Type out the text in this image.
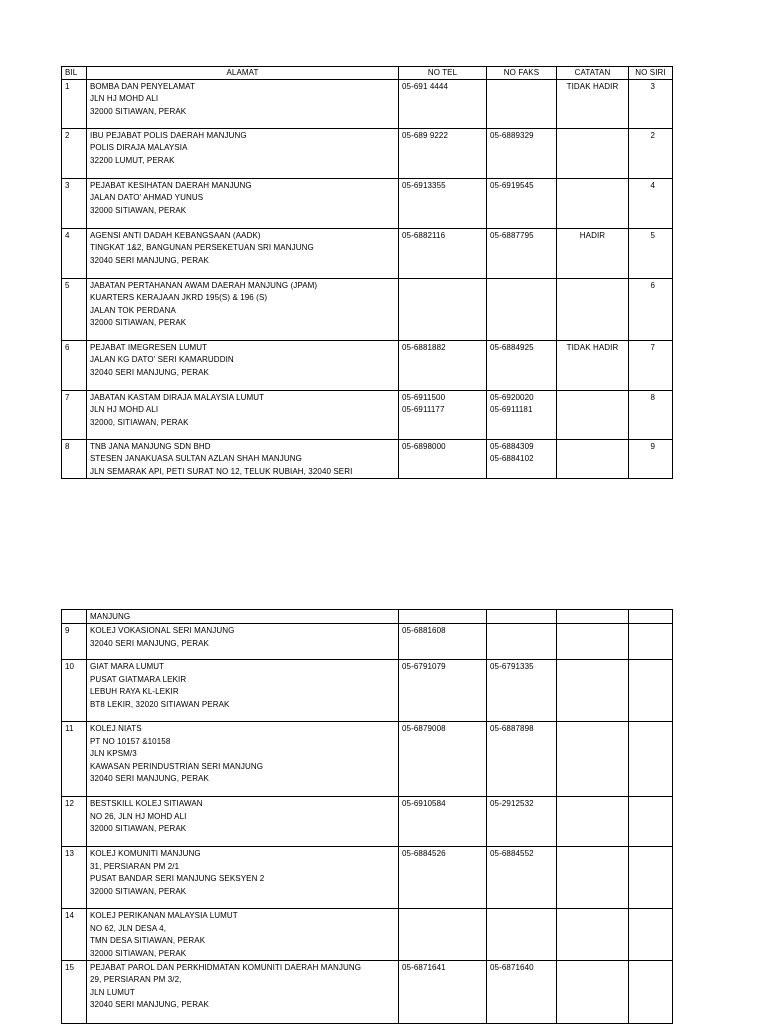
BIL	ALAMAT	NO TEL	NO FAKS	CATATAN	NO SIRI
1	BOMBA DAN PENYELAMAT
JLN HJ MOHD ALI
32000 SITIAWAN, PERAK	05-691 4444		TIDAK HADIR	3
2	IBU PEJABAT POLIS DAERAH MANJUNG
POLIS DIRAJA MALAYSIA
32200 LUMUT, PERAK	05-689 9222	05-6889329		2
3	PEJABAT KESIHATAN DAERAH MANJUNG
JALAN DATO’ AHMAD YUNUS
32000 SITIAWAN, PERAK	05-6913355	05-6919545		4
4	AGENSI ANTI DADAH KEBANGSAAN (AADK)
TINGKAT 1&2, BANGUNAN PERSEKETUAN SRI MANJUNG
32040 SERI MANJUNG, PERAK	05-6882116	05-6887795	HADIR	5
5	JABATAN PERTAHANAN AWAM DAERAH MANJUNG (JPAM)
KUARTERS KERAJAAN JKRD 195(S) & 196 (S)
JALAN TOK PERDANA
32000 SITIAWAN, PERAK				6
6	PEJABAT IMEGRESEN LUMUT
JALAN KG DATO’ SERI KAMARUDDIN
32040 SERI MANJUNG, PERAK	05-6881882	05-6884925	TIDAK HADIR	7
7	JABATAN KASTAM DIRAJA MALAYSIA LUMUT
JLN HJ MOHD ALI
32000, SITIAWAN, PERAK	05-6911500
05-6911177	05-6920020
05-6911181		8
8	TNB JANA MANJUNG SDN BHD
STESEN JANAKUASA SULTAN AZLAN SHAH MANJUNG
JLN SEMARAK API, PETI SURAT NO 12, TELUK RUBIAH, 32040 SERI	05-6898000	05-6884309
05-6884102		9

	MANJUNG				

9	KOLEJ VOKASIONAL SERI MANJUNG
32040 SERI MANJUNG, PERAK	05-6881608			

10	GIAT MARA LUMUT
PUSAT GIATMARA LEKIR
LEBUH RAYA KL-LEKIR
BT8 LEKIR, 32020 SITIAWAN PERAK	05-6791079	05-6791335		

11	KOLEJ NIATS
PT NO 10157 &10158
JLN KPSM/3
KAWASAN PERINDUSTRIAN SERI MANJUNG
32040 SERI MANJUNG, PERAK	05-6879008	05-6887898		

12	BESTSKILL KOLEJ SITIAWAN
NO 26, JLN HJ MOHD ALI
32000 SITIAWAN, PERAK	05-6910584	05-2912532		

13	KOLEJ KOMUNITI MANJUNG
31, PERSIARAN PM 2/1
PUSAT BANDAR SERI MANJUNG SEKSYEN 2
32000 SITIAWAN, PERAK	05-6884526	05-6884552		

14	KOLEJ PERIKANAN MALAYSIA LUMUT
NO 62, JLN DESA 4,
TMN DESA SITIAWAN, PERAK
32000 SITIAWAN, PERAK				

15	PEJABAT PAROL DAN PERKHIDMATAN KOMUNITI DAERAH MANJUNG
29, PERSIARAN PM 3/2,
JLN LUMUT
32040 SERI MANJUNG, PERAK	05-6871641	05-6871640		
